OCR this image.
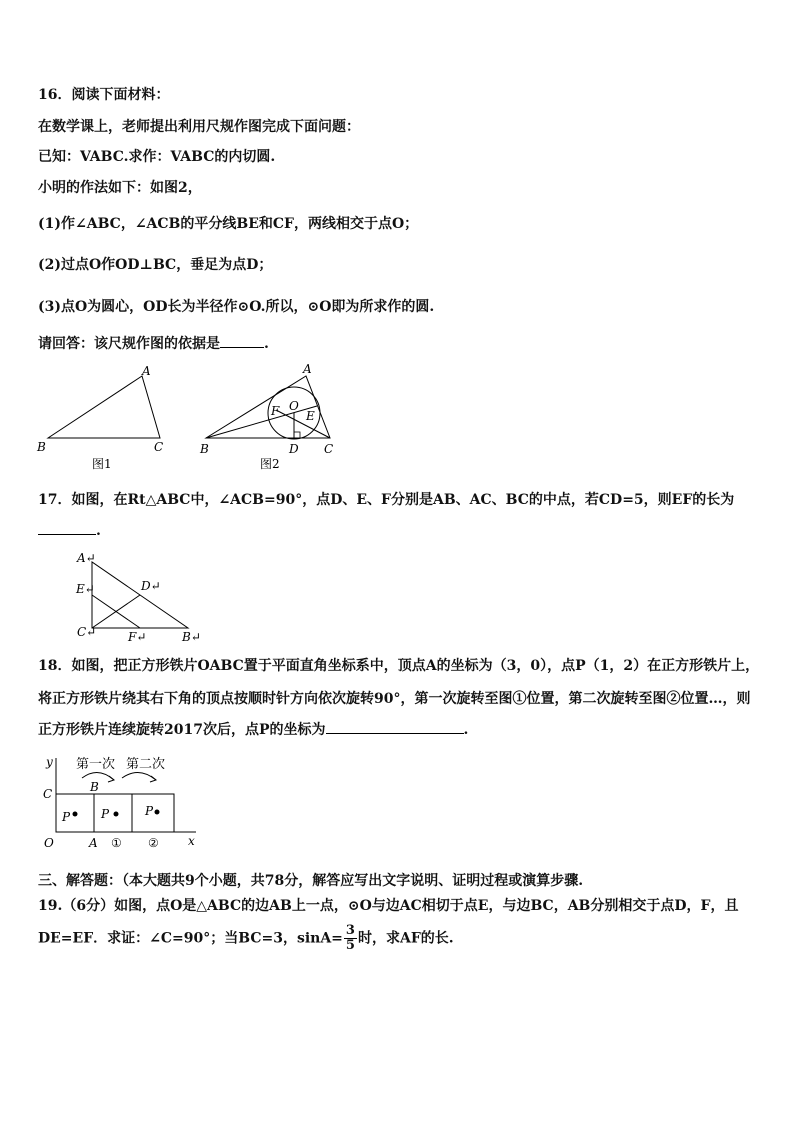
16．阅读下面材料：
在数学课上，老师提出利用尺规作图完成下面问题：
已知：VABC.求作：VABC的内切圆.
小明的作法如下：如图2，
(1)作∠ABC，∠ACB的平分线BE和CF，两线相交于点O；
(2)过点O作OD⊥BC，垂足为点D；
(3)点O为圆心，OD长为半径作⊙O.所以，⊙O即为所求作的圆.
请回答：该尺规作图的依据是	.
A
B	C
图1
A
B	C
D
E
F O
图2
17．如图，在Rt△ABC中，∠ACB=90°，点D、E、F分别是AB、AC、BC的中点，若CD=5，则EF的长为
.
A↵
E↵
C↵	F↵	B↵
D↵
18．如图，把正方形铁片OABC置于平面直角坐标系中，顶点A的坐标为（3，0），点P（1，2）在正方形铁片上，
将正方形铁片绕其右下角的顶点按顺时针方向依次旋转90°，第一次旋转至图①位置，第二次旋转至图②位置…，则
正方形铁片连续旋转2017次后，点P的坐标为	.
第一次 第二次
y
x
O	A
B
C
P	P	P
① ②
三、解答题：（本大题共9个小题，共78分，解答应写出文字说明、证明过程或演算步骤.
19.（6分）如图，点O是△ABC的边AB上一点，⊙O与边AC相切于点E，与边BC，AB分别相交于点D，F，且
DE=EF．求证：∠C=90°；当BC=3，$\sin A= \frac{3}{5}$ 时，求AF的长.
